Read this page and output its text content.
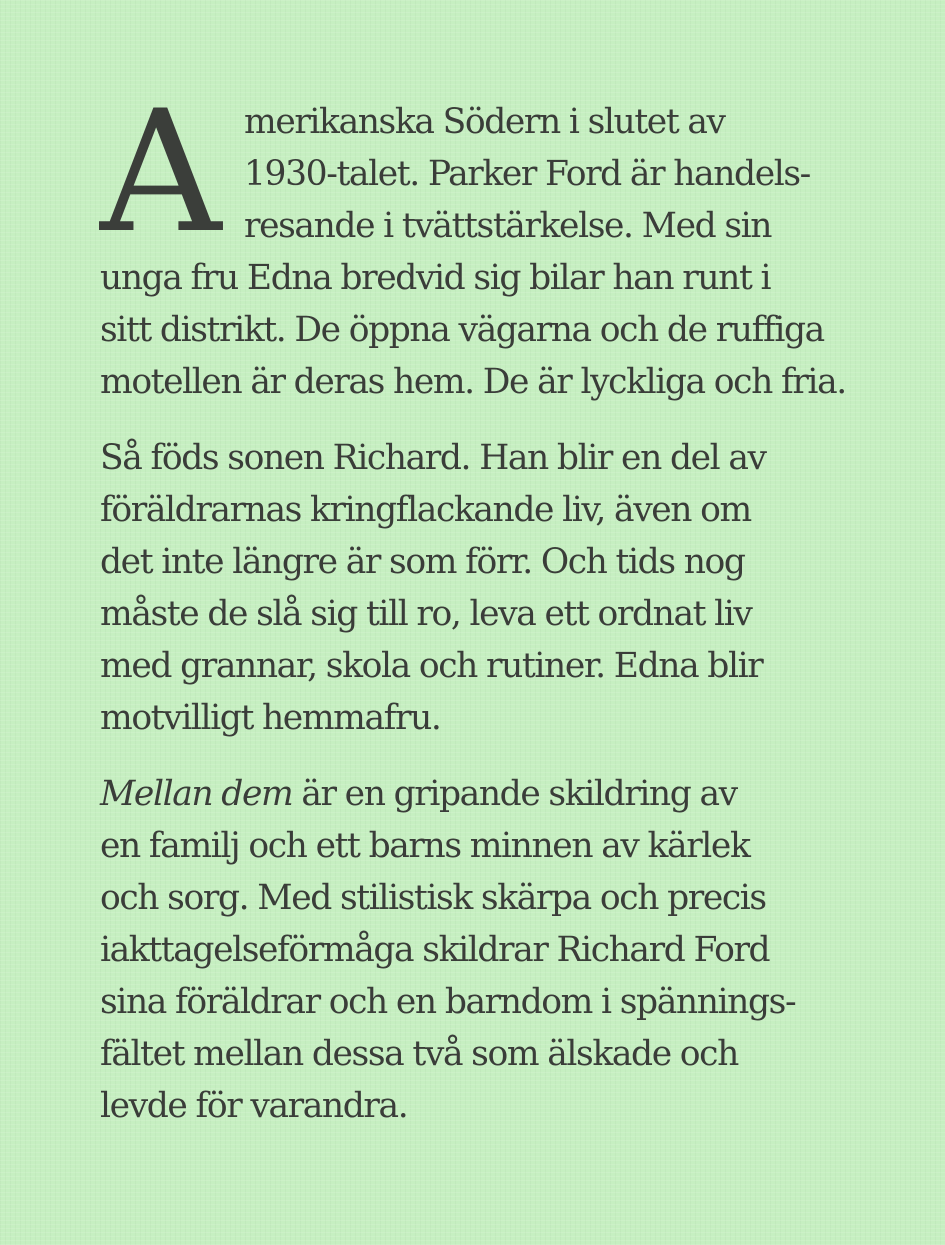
A merikanska Södern i slutet av
1930-talet. Parker Ford är handels-
resande i tvättstärkelse. Med sin
unga fru Edna bredvid sig bilar han runt i
sitt distrikt. De öppna vägarna och de ruffiga
motellen är deras hem. De är lyckliga och fria.
Så föds sonen Richard. Han blir en del av
föräldrarnas kringflackande liv, även om
det inte längre är som förr. Och tids nog
måste de slå sig till ro, leva ett ordnat liv
med grannar, skola och rutiner. Edna blir
motvilligt hemmafru.
Mellan dem är en gripande skildring av
en familj och ett barns minnen av kärlek
och sorg. Med stilistisk skärpa och precis
iakttagelseförmåga skildrar Richard Ford
sina föräldrar och en barndom i spännings-
fältet mellan dessa två som älskade och
levde för varandra.
